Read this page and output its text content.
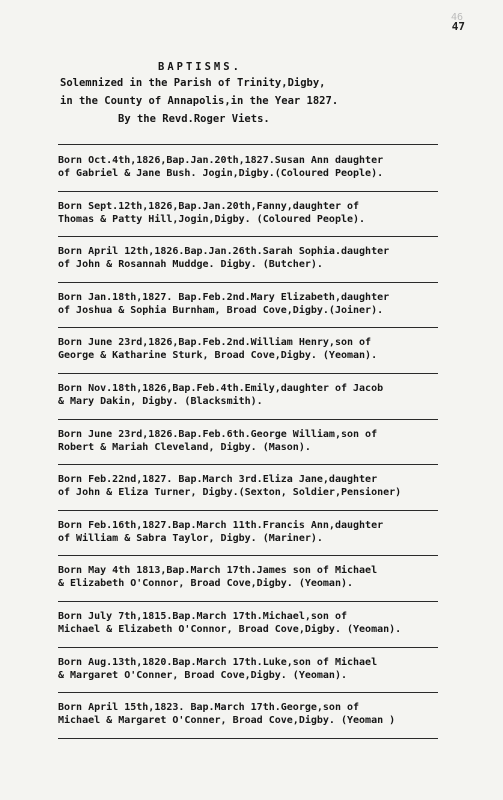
46
47
BAPTISMS.
Solemnized in the Parish of Trinity,Digby,
in the County of Annapolis,in the Year 1827.
By the Revd.Roger Viets.
Born Oct.4th,1826,Bap.Jan.20th,1827.Susan Ann daughter
of Gabriel & Jane Bush. Jogin,Digby.(Coloured People).
Born Sept.12th,1826,Bap.Jan.20th,Fanny,daughter of
Thomas & Patty Hill,Jogin,Digby. (Coloured People).
Born April 12th,1826.Bap.Jan.26th.Sarah Sophia.daughter
of John & Rosannah Muddge. Digby. (Butcher).
Born Jan.18th,1827. Bap.Feb.2nd.Mary Elizabeth,daughter
of Joshua & Sophia Burnham, Broad Cove,Digby.(Joiner).
Born June 23rd,1826,Bap.Feb.2nd.William Henry,son of
George & Katharine Sturk, Broad Cove,Digby. (Yeoman).
Born Nov.18th,1826,Bap.Feb.4th.Emily,daughter of Jacob
& Mary Dakin, Digby. (Blacksmith).
Born June 23rd,1826.Bap.Feb.6th.George William,son of
Robert & Mariah Cleveland, Digby. (Mason).
Born Feb.22nd,1827. Bap.March 3rd.Eliza Jane,daughter
of John & Eliza Turner, Digby.(Sexton, Soldier,Pensioner)
Born Feb.16th,1827.Bap.March 11th.Francis Ann,daughter
of William & Sabra Taylor, Digby. (Mariner).
Born May 4th 1813,Bap.March 17th.James son of Michael
& Elizabeth O'Connor, Broad Cove,Digby. (Yeoman).
Born July 7th,1815.Bap.March 17th.Michael,son of
Michael & Elizabeth O'Connor, Broad Cove,Digby. (Yeoman).
Born Aug.13th,1820.Bap.March 17th.Luke,son of Michael
& Margaret O'Conner, Broad Cove,Digby. (Yeoman).
Born April 15th,1823. Bap.March 17th.George,son of
Michael & Margaret O'Conner, Broad Cove,Digby. (Yeoman )
